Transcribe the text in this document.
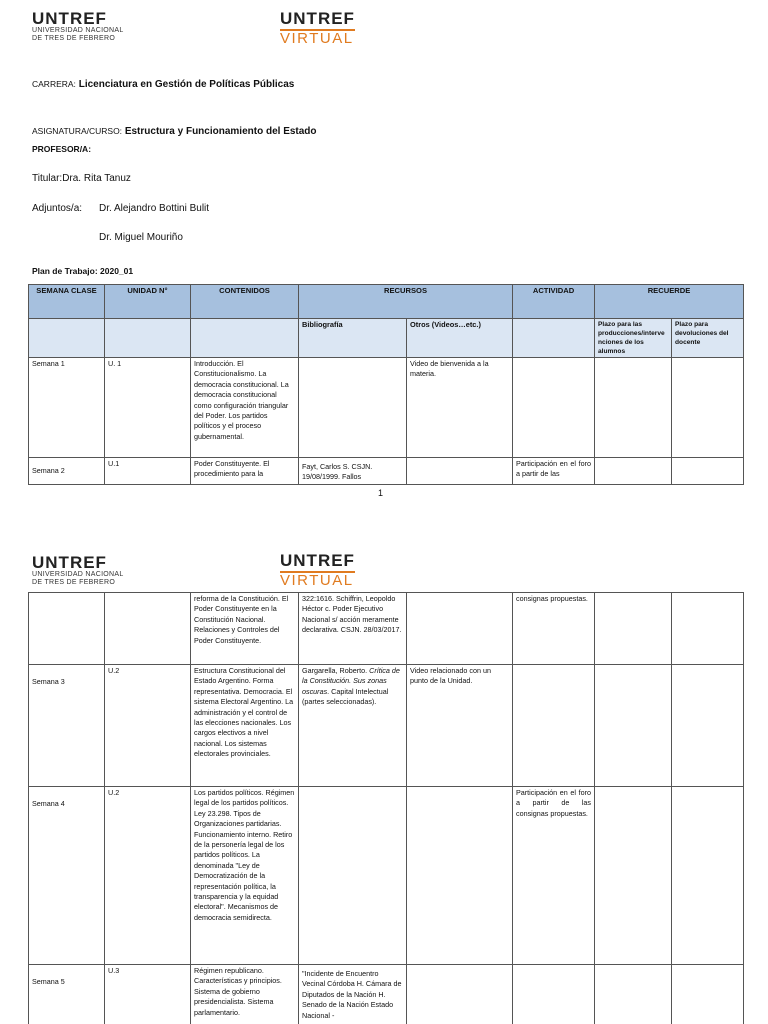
UNTREF
UNIVERSIDAD NACIONAL
DE TRES DE FEBRERO
UNTREF
VIRTUAL
CARRERA: Licenciatura en Gestión de Políticas Públicas
ASIGNATURA/CURSO: Estructura y Funcionamiento del Estado
PROFESOR/A:
Titular:Dra. Rita Tanuz
Adjuntos/a: Dr. Alejandro Bottini Bulit
Dr. Miguel Mouriño
Plan de Trabajo: 2020_01
SEMANA CLASE	UNIDAD N°	CONTENIDOS	RECURSOS		ACTIVIDAD	RECUERDE	
			Bibliografía	Otros (Videos…etc.)		Plazo para las producciones/intervenciones de los alumnos	Plazo para devoluciones del docente
Semana 1	U. 1	Introducción. El Constitucionalismo. La democracia constitucional. La democracia constitucional como configuración triangular del Poder. Los partidos políticos y el proceso gubernamental.		Video de bienvenida a la materia.			
Semana 2	U.1	Poder Constituyente. El procedimiento para la	Fayt, Carlos S. CSJN. 19/08/1999. Fallos		Participación en el foro a partir de las		
1
UNTREF
UNIVERSIDAD NACIONAL
DE TRES DE FEBRERO
UNTREF
VIRTUAL
		reforma de la Constitución. El Poder Constituyente en la Constitución Nacional. Relaciones y Controles del Poder Constituyente.	322:1616. Schiffrin, Leopoldo Héctor c. Poder Ejecutivo Nacional s/ acción meramente declarativa. CSJN. 28/03/2017.		consignas propuestas.		
Semana 3	U.2	Estructura Constitucional del Estado Argentino. Forma representativa. Democracia. El sistema Electoral Argentino. La administración y el control de las elecciones nacionales. Los cargos electivos a nivel nacional. Los sistemas electorales provinciales.	Gargarella, Roberto. Crítica de la Constitución. Sus zonas oscuras. Capital Intelectual (partes seleccionadas).	Video relacionado con un punto de la Unidad.			
Semana 4	U.2	Los partidos políticos. Régimen legal de los partidos políticos. Ley 23.298. Tipos de Organizaciones partidarias. Funcionamiento interno. Retiro de la personería legal de los partidos políticos. La denominada "Ley de Democratización de la representación política, la transparencia y la equidad electoral". Mecanismos de democracia semidirecta.			Participación en el foro a partir de las consignas propuestas.		
Semana 5	U.3	Régimen republicano. Características y principios. Sistema de gobierno presidencialista. Sistema parlamentario.	"Incidente de Encuentro Vecinal Córdoba H. Cámara de Diputados de la Nación H. Senado de la Nación Estado Nacional -				
